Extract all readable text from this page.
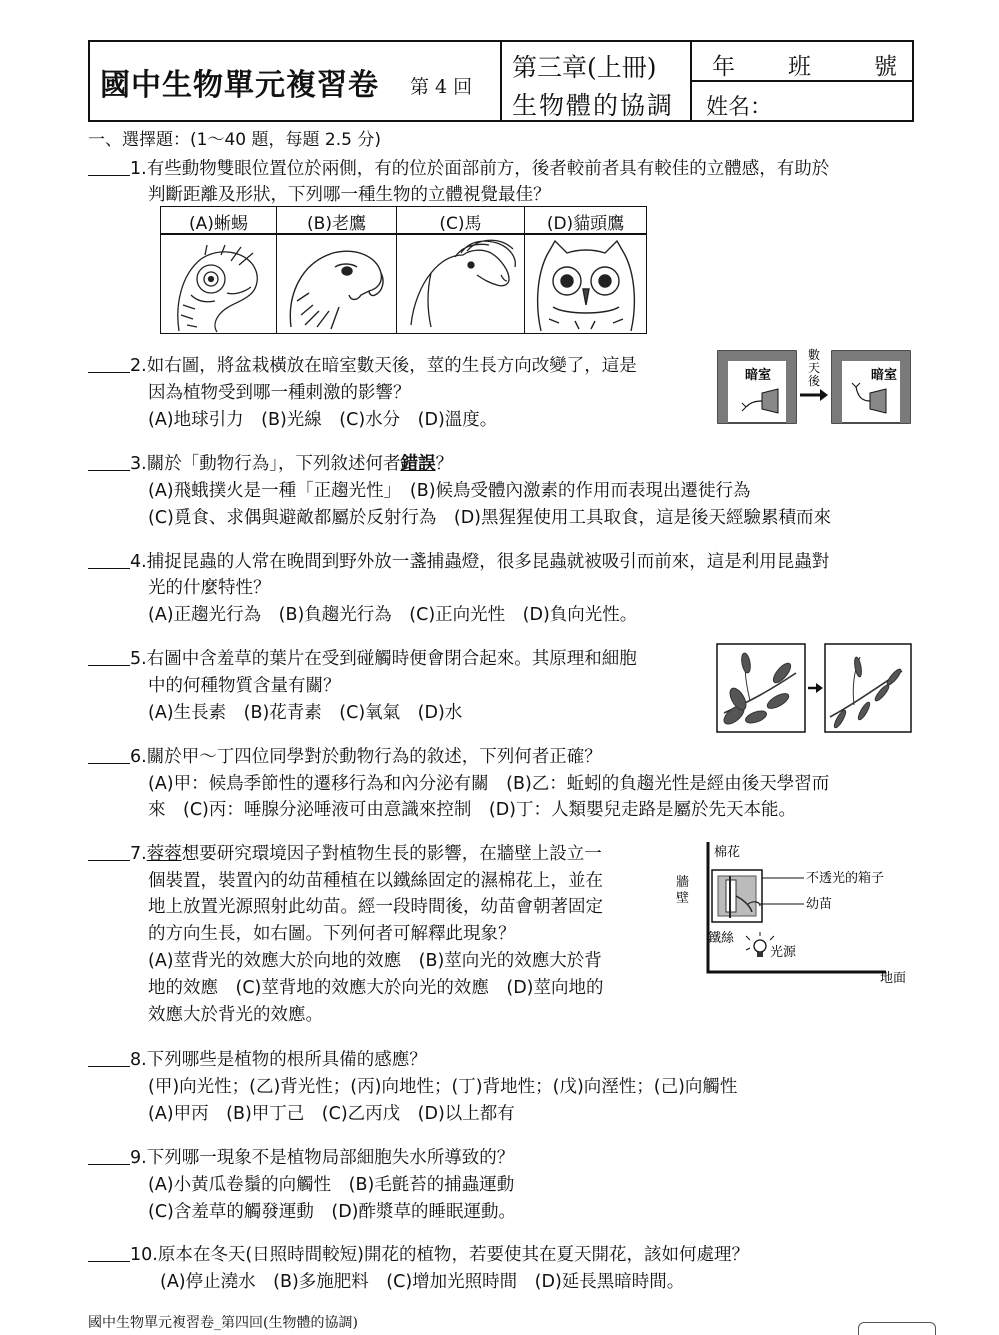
國中生物單元複習卷 第 4 回
第三章(上冊)
生物體的協調
年 班	號
姓名：
一、選擇題：(1～40 題，每題 2.5 分)
1.有些動物雙眼位置位於兩側，有的位於面部前方，後者較前者具有較佳的立體感，有助於
判斷距離及形狀，下列哪一種生物的立體視覺最佳？
(A)蜥蜴	(B)老鷹	(C)馬	(D)貓頭鷹
2.如右圖，將盆栽橫放在暗室數天後，莖的生長方向改變了，這是
因為植物受到哪一種刺激的影響？
(A)地球引力　(B)光線　(C)水分　(D)溫度。
暗室	暗室
數
天
後
3.關於「動物行為」，下列敘述何者錯誤？
(A)飛蛾撲火是一種「正趨光性」　(B)候鳥受體內激素的作用而表現出遷徙行為
(C)覓食、求偶與避敵都屬於反射行為　(D)黑猩猩使用工具取食，這是後天經驗累積而來
4.捕捉昆蟲的人常在晚間到野外放一盞捕蟲燈，很多昆蟲就被吸引而前來，這是利用昆蟲對
光的什麼特性？
(A)正趨光行為　(B)負趨光行為　(C)正向光性　(D)負向光性。
5.右圖中含羞草的葉片在受到碰觸時便會閉合起來。其原理和細胞
中的何種物質含量有關？
(A)生長素　(B)花青素　(C)氧氣　(D)水
6.關於甲～丁四位同學對於動物行為的敘述，下列何者正確？
(A)甲：候鳥季節性的遷移行為和內分泌有關　(B)乙：蚯蚓的負趨光性是經由後天學習而
來　(C)丙：唾腺分泌唾液可由意識來控制　(D)丁：人類嬰兒走路是屬於先天本能。
7.蓉蓉想要研究環境因子對植物生長的影響，在牆壁上設立一
個裝置，裝置內的幼苗種植在以鐵絲固定的濕棉花上，並在
地上放置光源照射此幼苗。經一段時間後，幼苗會朝著固定
的方向生長，如右圖。下列何者可解釋此現象？
(A)莖背光的效應大於向地的效應　(B)莖向光的效應大於背
地的效應　(C)莖背地的效應大於向光的效應　(D)莖向地的
效應大於背光的效應。
棉花
牆
壁
不透光的箱子
幼苗
鐵絲
光源
地面
8.下列哪些是植物的根所具備的感應？
(甲)向光性；(乙)背光性；(丙)向地性；(丁)背地性；(戊)向溼性；(己)向觸性
(A)甲丙　(B)甲丁己　(C)乙丙戊　(D)以上都有
9.下列哪一現象不是植物局部細胞失水所導致的？
(A)小黃瓜卷鬚的向觸性　(B)毛氈苔的捕蟲運動
(C)含羞草的觸發運動　(D)酢漿草的睡眠運動。
10.原本在冬天(日照時間較短)開花的植物，若要使其在夏天開花，該如何處理？
(A)停止澆水　(B)多施肥料　(C)增加光照時間　(D)延長黑暗時間。
國中生物單元複習卷_第四回(生物體的協調)
